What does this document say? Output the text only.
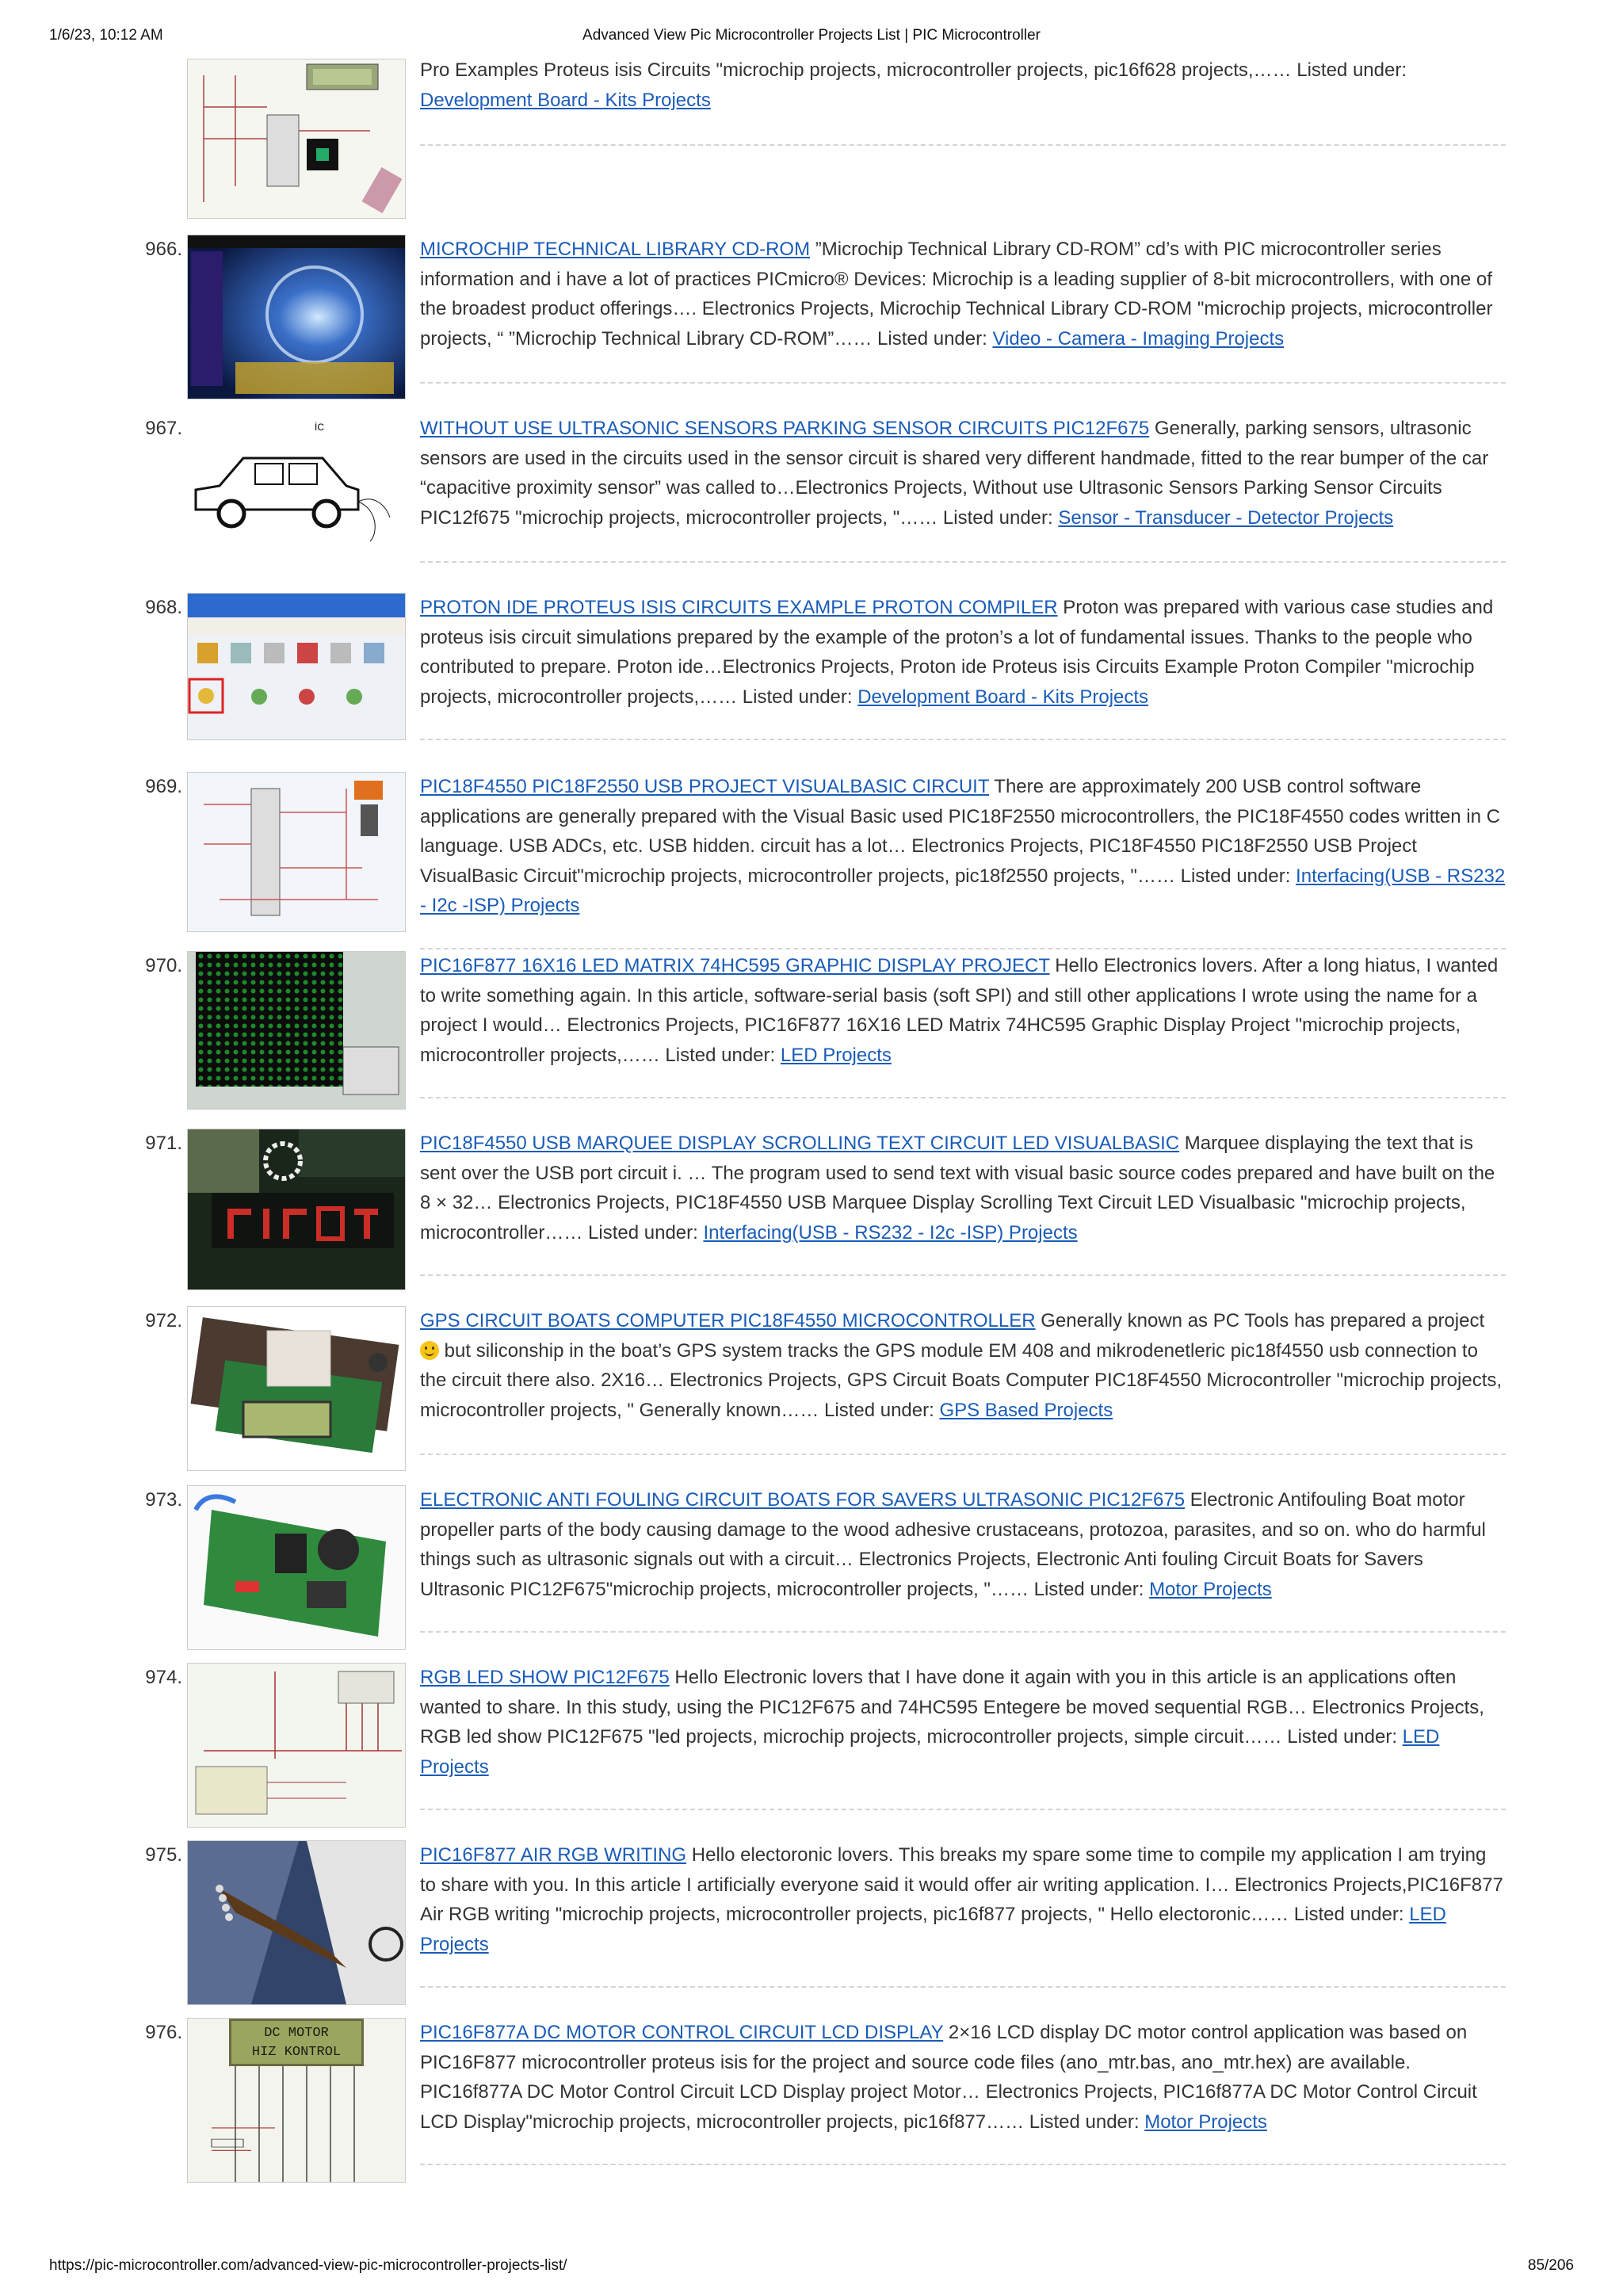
1/6/23, 10:12 AM	Advanced View Pic Microcontroller Projects List | PIC Microcontroller
Pro Examples Proteus isis Circuits "microchip projects, microcontroller projects, pic16f628 projects,…… Listed under: Development Board - Kits Projects
966.	MICROCHIP TECHNICAL LIBRARY CD-ROM ”Microchip Technical Library CD-ROM” cd’s with PIC microcontroller series information and i have a lot of practices PICmicro® Devices: Microchip is a leading supplier of 8-bit microcontrollers, with one of the broadest product offerings…. Electronics Projects, Microchip Technical Library CD-ROM "microchip projects, microcontroller projects, “ ”Microchip Technical Library CD-ROM”…… Listed under: Video - Camera - Imaging Projects
967.	İC	WITHOUT USE ULTRASONIC SENSORS PARKING SENSOR CIRCUITS PIC12F675 Generally, parking sensors, ultrasonic sensors are used in the circuits used in the sensor circuit is shared very different handmade, fitted to the rear bumper of the car “capacitive proximity sensor” was called to…Electronics Projects, Without use Ultrasonic Sensors Parking Sensor Circuits PIC12f675 "microchip projects, microcontroller projects, "…… Listed under: Sensor - Transducer - Detector Projects
968.	PROTON IDE PROTEUS ISIS CIRCUITS EXAMPLE PROTON COMPILER Proton was prepared with various case studies and proteus isis circuit simulations prepared by the example of the proton’s a lot of fundamental issues. Thanks to the people who contributed to prepare. Proton ide…Electronics Projects, Proton ide Proteus isis Circuits Example Proton Compiler "microchip projects, microcontroller projects,…… Listed under: Development Board - Kits Projects
969.	PIC18F4550 PIC18F2550 USB PROJECT VISUALBASIC CIRCUIT There are approximately 200 USB control software applications are generally prepared with the Visual Basic used PIC18F2550 microcontrollers, the PIC18F4550 codes written in C language. USB ADCs, etc. USB hidden. circuit has a lot… Electronics Projects, PIC18F4550 PIC18F2550 USB Project VisualBasic Circuit"microchip projects, microcontroller projects, pic18f2550 projects, "…… Listed under: Interfacing(USB - RS232 - I2c -ISP) Projects
970.	PIC16F877 16X16 LED MATRIX 74HC595 GRAPHIC DISPLAY PROJECT Hello Electronics lovers. After a long hiatus, I wanted to write something again. In this article, software-serial basis (soft SPI) and still other applications I wrote using the name for a project I would… Electronics Projects, PIC16F877 16X16 LED Matrix 74HC595 Graphic Display Project "microchip projects, microcontroller projects,…… Listed under: LED Projects
971.	PIC18F4550 USB MARQUEE DISPLAY SCROLLING TEXT CIRCUIT LED VISUALBASIC Marquee displaying the text that is sent over the USB port circuit i. … The program used to send text with visual basic source codes prepared and have built on the 8 × 32… Electronics Projects, PIC18F4550 USB Marquee Display Scrolling Text Circuit LED Visualbasic "microchip projects, microcontroller…… Listed under: Interfacing(USB - RS232 - I2c -ISP) Projects
972.	GPS CIRCUIT BOATS COMPUTER PIC18F4550 MICROCONTROLLER Generally known as PC Tools has prepared a project  but siliconship in the boat’s GPS system tracks the GPS module EM 408 and mikrodenetleric pic18f4550 usb connection to the circuit there also. 2X16… Electronics Projects, GPS Circuit Boats Computer PIC18F4550 Microcontroller "microchip projects, microcontroller projects, " Generally known…… Listed under: GPS Based Projects
973.	ELECTRONIC ANTI FOULING CIRCUIT BOATS FOR SAVERS ULTRASONIC PIC12F675 Electronic Antifouling Boat motor propeller parts of the body causing damage to the wood adhesive crustaceans, protozoa, parasites, and so on. who do harmful things such as ultrasonic signals out with a circuit… Electronics Projects, Electronic Anti fouling Circuit Boats for Savers Ultrasonic PIC12F675"microchip projects, microcontroller projects, "…… Listed under: Motor Projects
974.	RGB LED SHOW PIC12F675 Hello Electronic lovers that I have done it again with you in this article is an applications often wanted to share. In this study, using the PIC12F675 and 74HC595 Entegere be moved sequential RGB… Electronics Projects, RGB led show PIC12F675 "led projects, microchip projects, microcontroller projects, simple circuit…… Listed under: LED Projects
975.	PIC16F877 AIR RGB WRITING Hello electoronic lovers. This breaks my spare some time to compile my application I am trying to share with you. In this article I artificially everyone said it would offer air writing application. I… Electronics Projects,PIC16F877 Air RGB writing "microchip projects, microcontroller projects, pic16f877 projects, " Hello electoronic…… Listed under: LED Projects
976.	DC MOTOR
HIZ KONTROL
PIC16F877A DC MOTOR CONTROL CIRCUIT LCD DISPLAY 2×16 LCD display DC motor control application was based on PIC16F877 microcontroller proteus isis for the project and source code files (ano_mtr.bas, ano_mtr.hex) are available. PIC16f877A DC Motor Control Circuit LCD Display project Motor… Electronics Projects, PIC16f877A DC Motor Control Circuit LCD Display"microchip projects, microcontroller projects, pic16f877…… Listed under: Motor Projects
https://pic-microcontroller.com/advanced-view-pic-microcontroller-projects-list/	85/206
